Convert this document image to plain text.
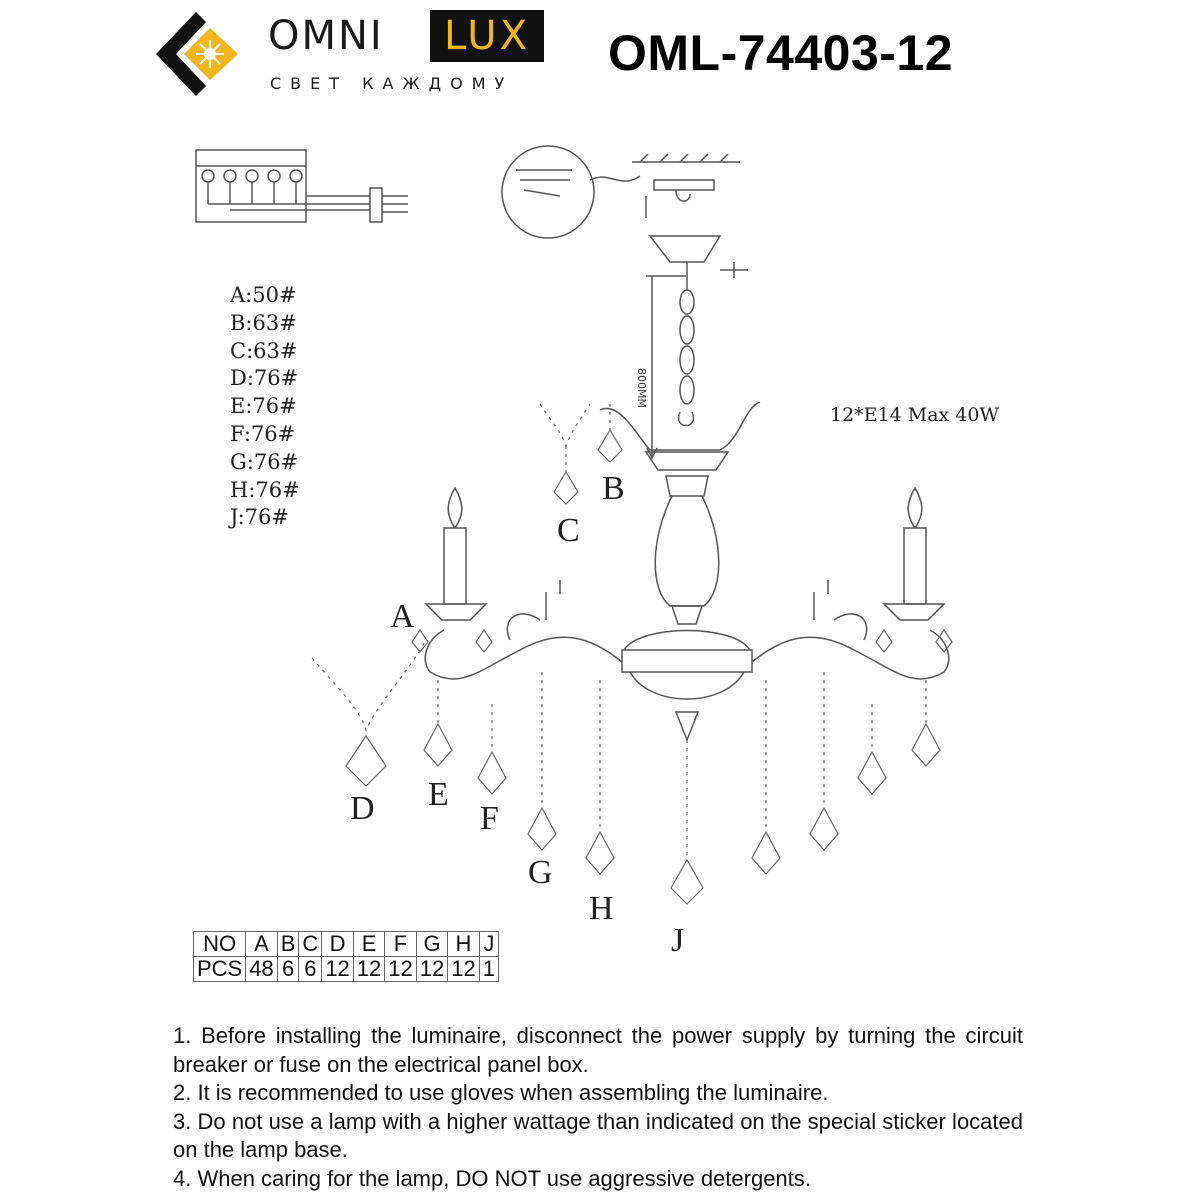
OMNI	LUX
СВЕТ КАЖДОМУ
OML-74403-12
800MM
A:50#
B:63#
C:63#
D:76#
E:76#
F:76#
G:76#
H:76#
J:76#
12*E14 Max 40W
A
B
C
D E
F
G
H
J
NO	A	B	C	D	E	F	G	H	J
PCS	48	6	6	12	12	12	12	12	1

1. Before installing the luminaire, disconnect the power supply by turning the circuit breaker or fuse on the electrical panel box.

2. It is recommended to use gloves when assembling the luminaire.

3. Do not use a lamp with a higher wattage than indicated on the special sticker located on the lamp base.

4. When caring for the lamp, DO NOT use aggressive detergents.
